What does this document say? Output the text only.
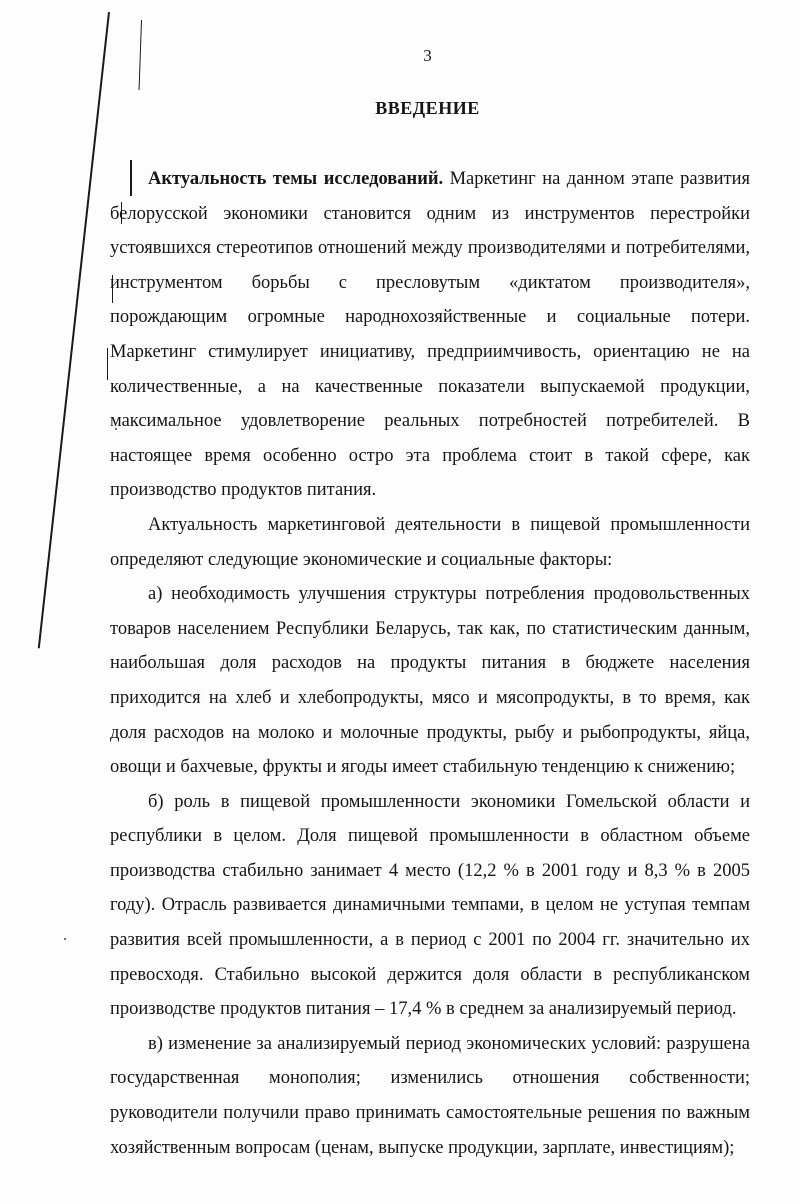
3
ВВЕДЕНИЕ

Актуальность темы исследований. Маркетинг на данном этапе развития белорусской экономики становится одним из инструментов перестройки устоявшихся стереотипов отношений между производителями и потребителями, инструментом борьбы с пресловутым «диктатом производителя», порождающим огромные народнохозяйственные и социальные потери. Маркетинг стимулирует инициативу, предприимчивость, ориентацию не на количественные, а на качественные показатели выпускаемой продукции, максимальное удовлетворение реальных потребностей потребителей. В настоящее время особенно остро эта проблема стоит в такой сфере, как производство продуктов питания.

Актуальность маркетинговой деятельности в пищевой промышленности определяют следующие экономические и социальные факторы:

а) необходимость улучшения структуры потребления продовольственных товаров населением Республики Беларусь, так как, по статистическим данным, наибольшая доля расходов на продукты питания в бюджете населения приходится на хлеб и хлебопродукты, мясо и мясопродукты, в то время, как доля расходов на молоко и молочные продукты, рыбу и рыбопродукты, яйца, овощи и бахчевые, фрукты и ягоды имеет стабильную тенденцию к снижению;

б) роль в пищевой промышленности экономики Гомельской области и республики в целом. Доля пищевой промышленности в областном объеме производства стабильно занимает 4 место (12,2 % в 2001 году и 8,3 % в 2005 году). Отрасль развивается динамичными темпами, в целом не уступая темпам развития всей промышленности, а в период с 2001 по 2004 гг. значительно их превосходя. Стабильно высокой держится доля области в республиканском производстве продуктов питания – 17,4 % в среднем за анализируемый период.

в) изменение за анализируемый период экономических условий: разрушена государственная монополия; изменились отношения собственности; руководители получили право принимать самостоятельные решения по важным хозяйственным вопросам (ценам, выпуске продукции, зарплате, инвестициям);
